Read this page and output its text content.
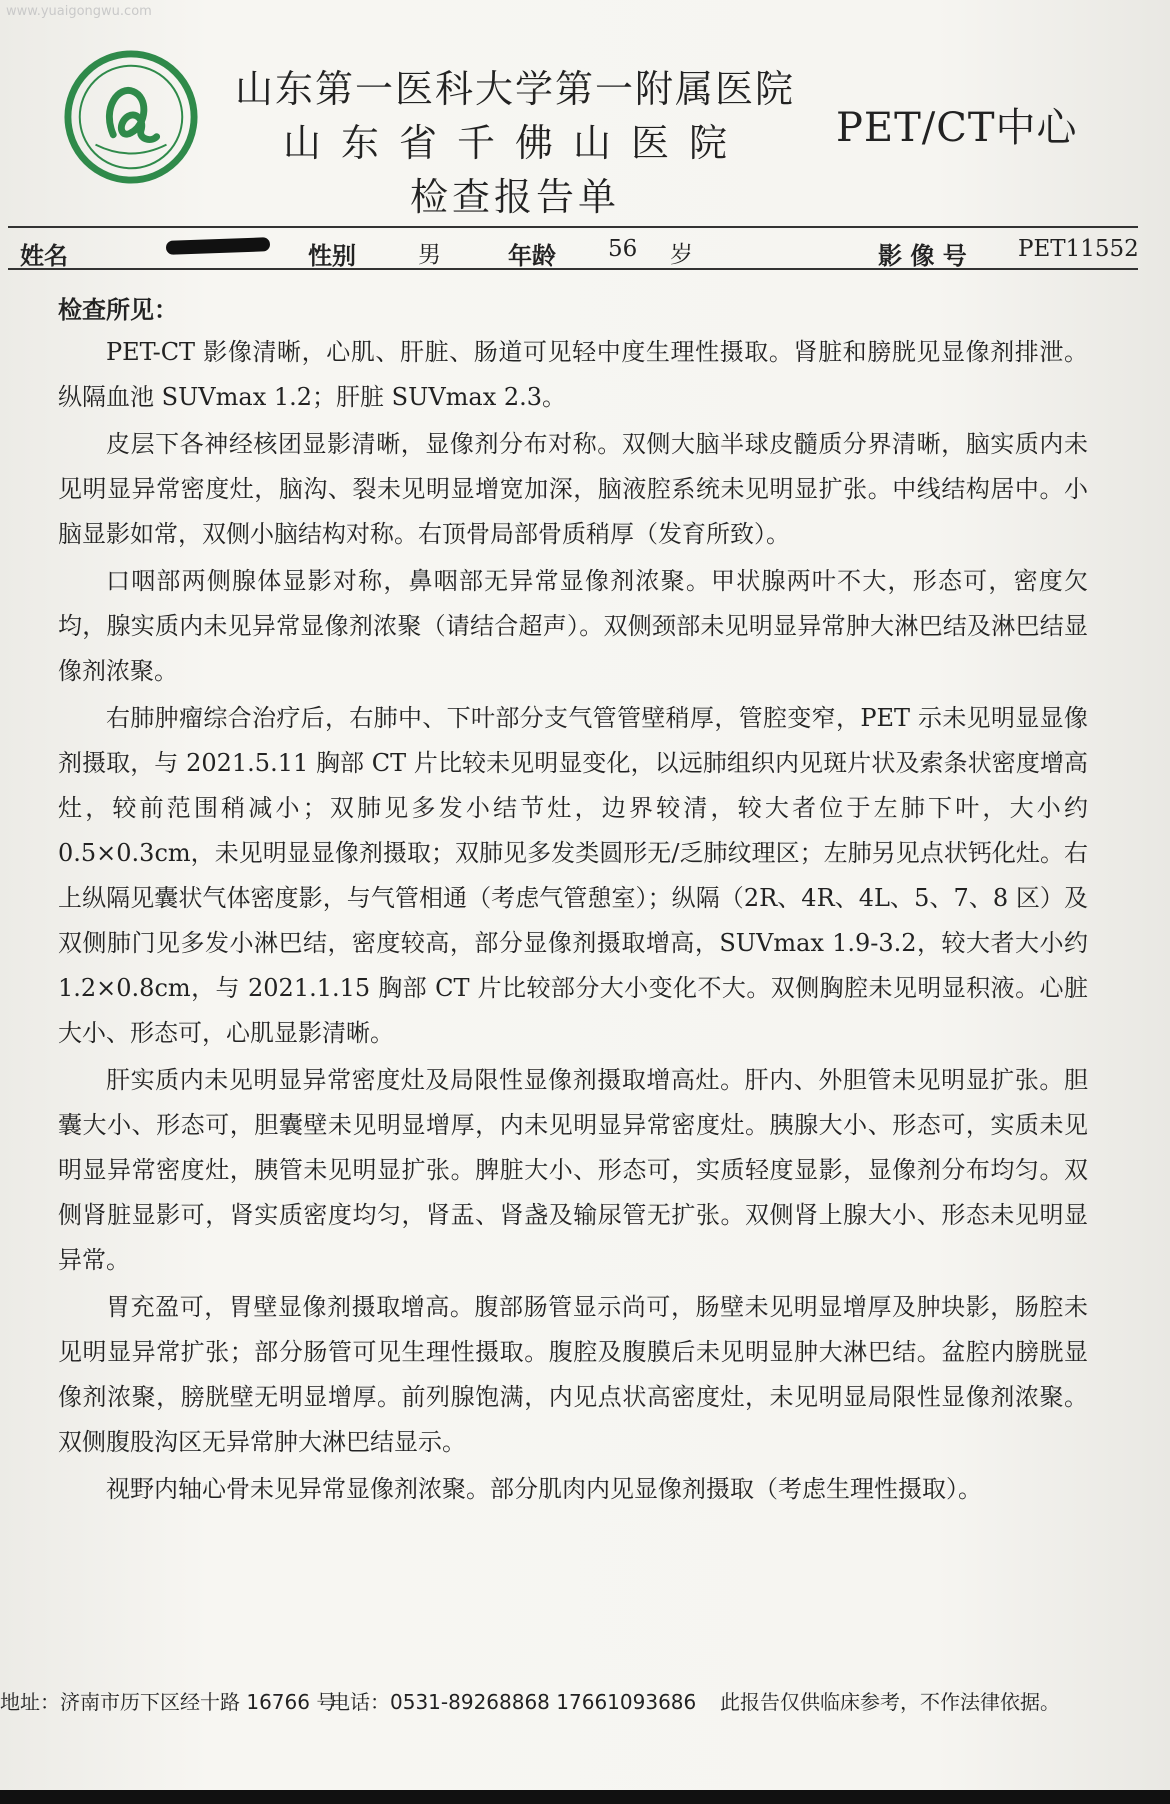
www.yuaigongwu.com
山东第一医科大学第一附属医院
山东省千佛山医院
检查报告单
PET/CT中心
姓名	性别	男	年龄 56 岁	影 像 号 PET11552
检查所见：

PET-CT 影像清晰，心肌、肝脏、肠道可见轻中度生理性摄取。肾脏和膀胱见显像剂排泄。纵隔血池 SUVmax 1.2；肝脏 SUVmax 2.3。

皮层下各神经核团显影清晰，显像剂分布对称。双侧大脑半球皮髓质分界清晰，脑实质内未见明显异常密度灶，脑沟、裂未见明显增宽加深，脑液腔系统未见明显扩张。中线结构居中。小脑显影如常，双侧小脑结构对称。右顶骨局部骨质稍厚（发育所致）。

口咽部两侧腺体显影对称，鼻咽部无异常显像剂浓聚。甲状腺两叶不大，形态可，密度欠均，腺实质内未见异常显像剂浓聚（请结合超声）。双侧颈部未见明显异常肿大淋巴结及淋巴结显像剂浓聚。

右肺肿瘤综合治疗后，右肺中、下叶部分支气管管壁稍厚，管腔变窄，PET 示未见明显显像剂摄取，与 2021.5.11 胸部 CT 片比较未见明显变化，以远肺组织内见斑片状及索条状密度增高灶，较前范围稍减小；双肺见多发小结节灶，边界较清，较大者位于左肺下叶，大小约 0.5×0.3cm，未见明显显像剂摄取；双肺见多发类圆形无/乏肺纹理区；左肺另见点状钙化灶。右上纵隔见囊状气体密度影，与气管相通（考虑气管憩室）；纵隔（2R、4R、4L、5、7、8 区）及双侧肺门见多发小淋巴结，密度较高，部分显像剂摄取增高，SUVmax 1.9-3.2，较大者大小约 1.2×0.8cm，与 2021.1.15 胸部 CT 片比较部分大小变化不大。双侧胸腔未见明显积液。心脏大小、形态可，心肌显影清晰。

肝实质内未见明显异常密度灶及局限性显像剂摄取增高灶。肝内、外胆管未见明显扩张。胆囊大小、形态可，胆囊壁未见明显增厚，内未见明显异常密度灶。胰腺大小、形态可，实质未见明显异常密度灶，胰管未见明显扩张。脾脏大小、形态可，实质轻度显影，显像剂分布均匀。双侧肾脏显影可，肾实质密度均匀，肾盂、肾盏及输尿管无扩张。双侧肾上腺大小、形态未见明显异常。

胃充盈可，胃壁显像剂摄取增高。腹部肠管显示尚可，肠壁未见明显增厚及肿块影，肠腔未见明显异常扩张；部分肠管可见生理性摄取。腹腔及腹膜后未见明显肿大淋巴结。盆腔内膀胱显像剂浓聚，膀胱壁无明显增厚。前列腺饱满，内见点状高密度灶，未见明显局限性显像剂浓聚。双侧腹股沟区无异常肿大淋巴结显示。

视野内轴心骨未见异常显像剂浓聚。部分肌肉内见显像剂摄取（考虑生理性摄取）。

地址：济南市历下区经十路 16766 号
电话：0531-89268868 17661093686 此报告仅供临床参考，不作法律依据。
